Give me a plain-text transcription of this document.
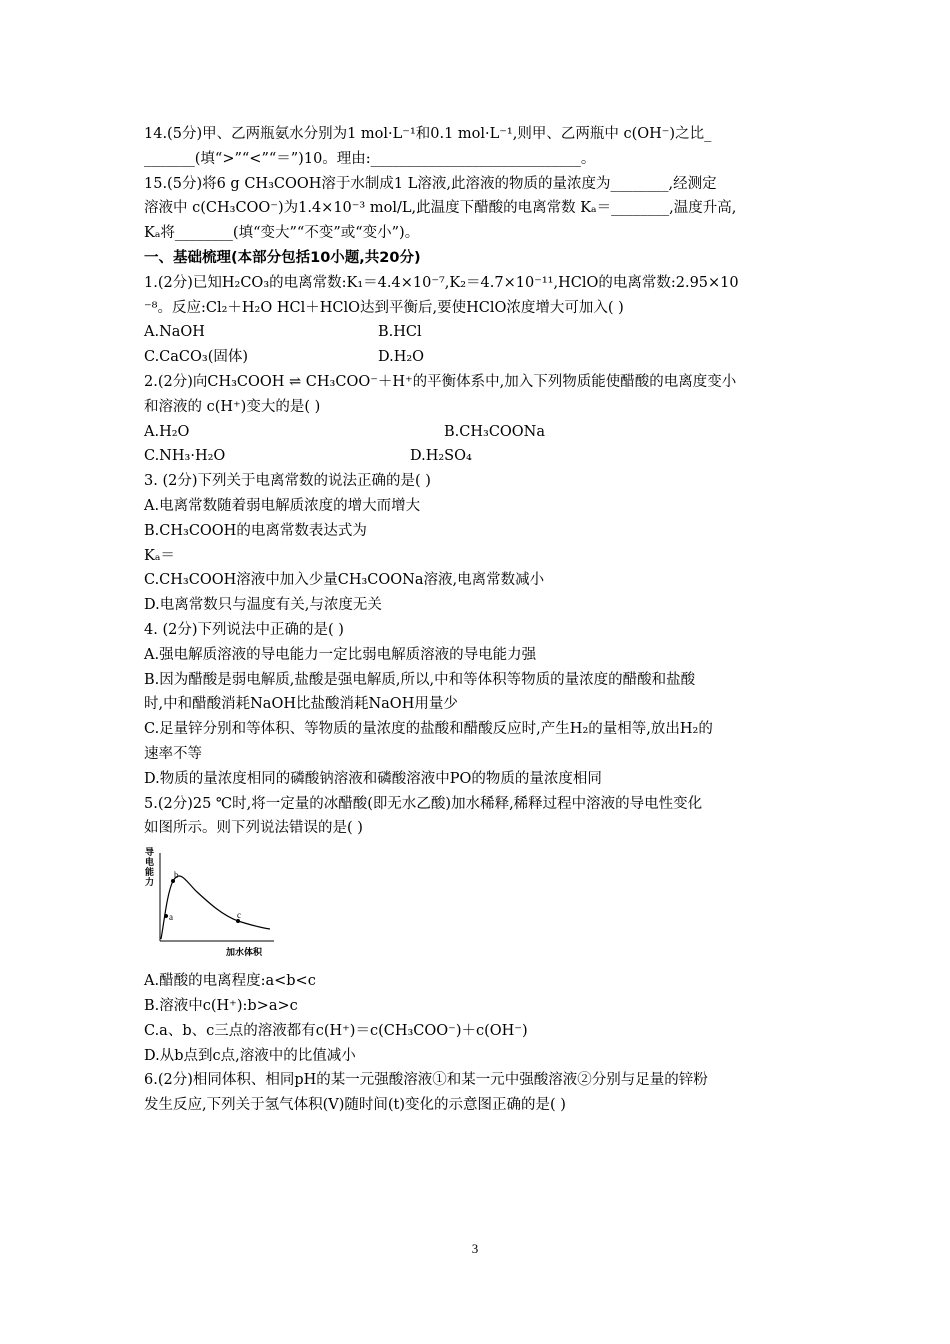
14.(5分)甲、乙两瓶氨水分别为1 mol·L⁻¹和0.1 mol·L⁻¹,则甲、乙两瓶中 c(OH⁻)之比_
_______(填“>”“<”“＝”)10。理由:_____________________________。
15.(5分)将6 g CH₃COOH溶于水制成1 L溶液,此溶液的物质的量浓度为________,经测定
溶液中 c(CH₃COO⁻)为1.4×10⁻³ mol/L,此温度下醋酸的电离常数 Kₐ＝________,温度升高,
Kₐ将________(填“变大”“不变”或“变小”)。
一、基础梳理(本部分包括10小题,共20分)
1.(2分)已知H₂CO₃的电离常数:K₁＝4.4×10⁻⁷,K₂＝4.7×10⁻¹¹,HClO的电离常数:2.95×10
⁻⁸。反应:Cl₂＋H₂O HCl＋HClO达到平衡后,要使HClO浓度增大可加入( )
A.NaOH	B.HCl
C.CaCO₃(固体)	D.H₂O
2.(2分)向CH₃COOH ⇌ CH₃COO⁻＋H⁺的平衡体系中,加入下列物质能使醋酸的电离度变小
和溶液的 c(H⁺)变大的是( )
A.H₂O	B.CH₃COONa
C.NH₃·H₂O	D.H₂SO₄
3. (2分)下列关于电离常数的说法正确的是( )
A.电离常数随着弱电解质浓度的增大而增大
B.CH₃COOH的电离常数表达式为
Kₐ＝
C.CH₃COOH溶液中加入少量CH₃COONa溶液,电离常数减小
D.电离常数只与温度有关,与浓度无关
4. (2分)下列说法中正确的是( )
A.强电解质溶液的导电能力一定比弱电解质溶液的导电能力强
B.因为醋酸是弱电解质,盐酸是强电解质,所以,中和等体积等物质的量浓度的醋酸和盐酸
时,中和醋酸消耗NaOH比盐酸消耗NaOH用量少
C.足量锌分别和等体积、等物质的量浓度的盐酸和醋酸反应时,产生H₂的量相等,放出H₂的
速率不等
D.物质的量浓度相同的磷酸钠溶液和磷酸溶液中PO的物质的量浓度相同
5.(2分)25 ℃时,将一定量的冰醋酸(即无水乙酸)加水稀释,稀释过程中溶液的导电性变化
如图所示。则下列说法错误的是( )
a
b
c
加水体积
导 电 能 力
A.醋酸的电离程度:a<b<c
B.溶液中c(H⁺):b>a>c
C.a、b、c三点的溶液都有c(H⁺)＝c(CH₃COO⁻)＋c(OH⁻)
D.从b点到c点,溶液中的比值减小
6.(2分)相同体积、相同pH的某一元强酸溶液①和某一元中强酸溶液②分别与足量的锌粉
发生反应,下列关于氢气体积(V)随时间(t)变化的示意图正确的是( )
3
